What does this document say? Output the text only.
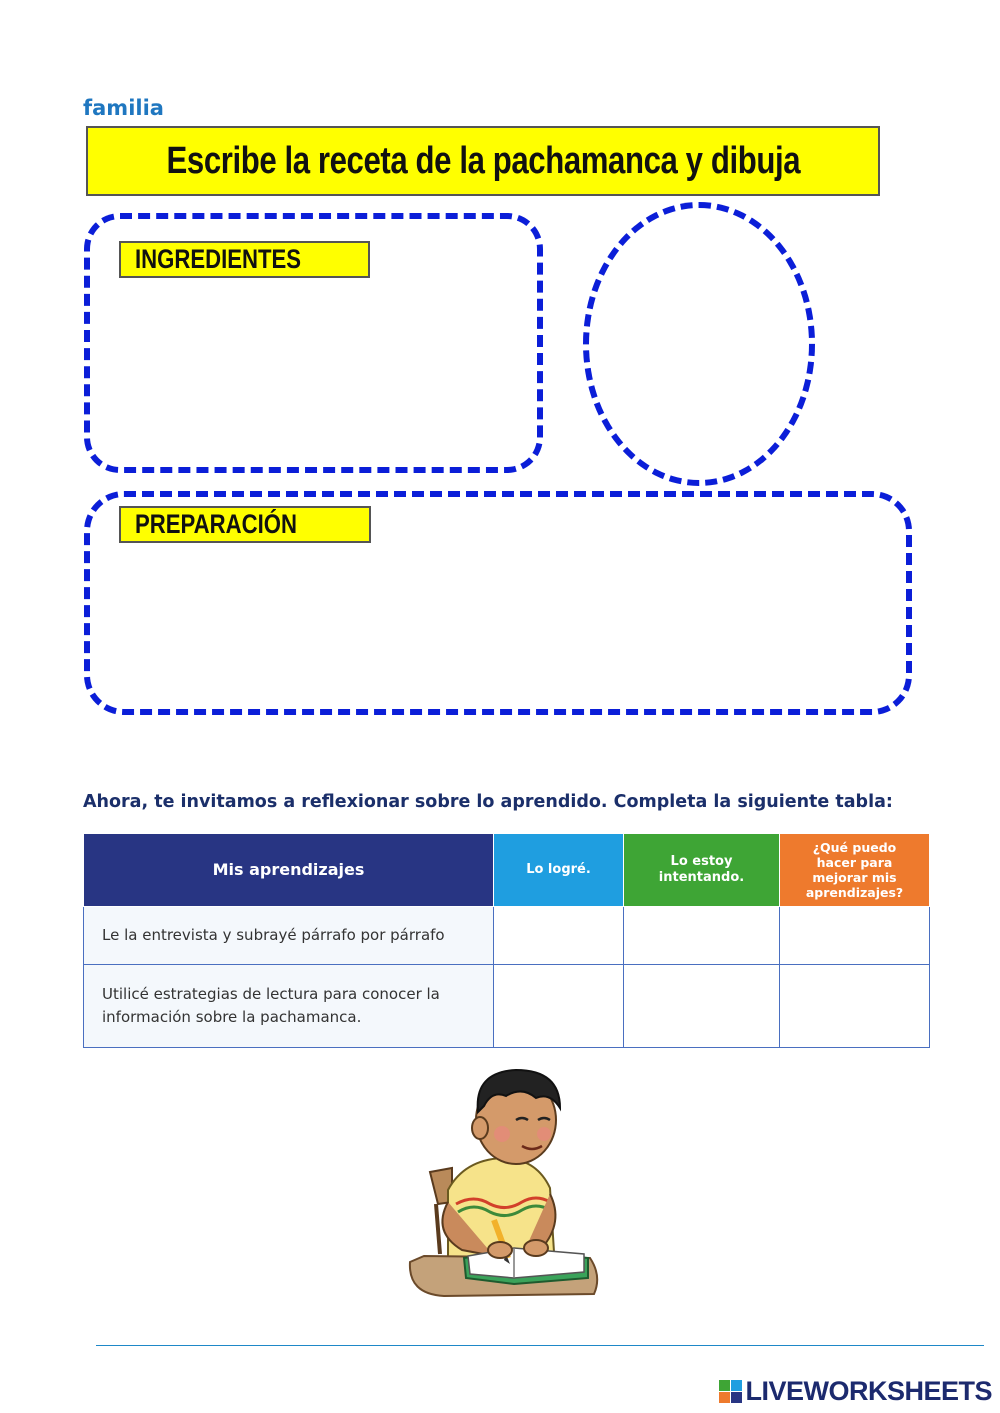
familia
Escribe la receta de la pachamanca y dibuja
INGREDIENTES
PREPARACIÓN
Ahora, te invitamos a reflexionar sobre lo aprendido. Completa la siguiente tabla:
Mis aprendizajes	Lo logré.	Lo estoy intentando.	¿Qué puedo hacer para mejorar mis aprendizajes?

Le la entrevista y subrayé párrafo por párrafo			

Utilicé estrategias de lectura para conocer la información sobre la pachamanca.			

LIVEWORKSHEETS
